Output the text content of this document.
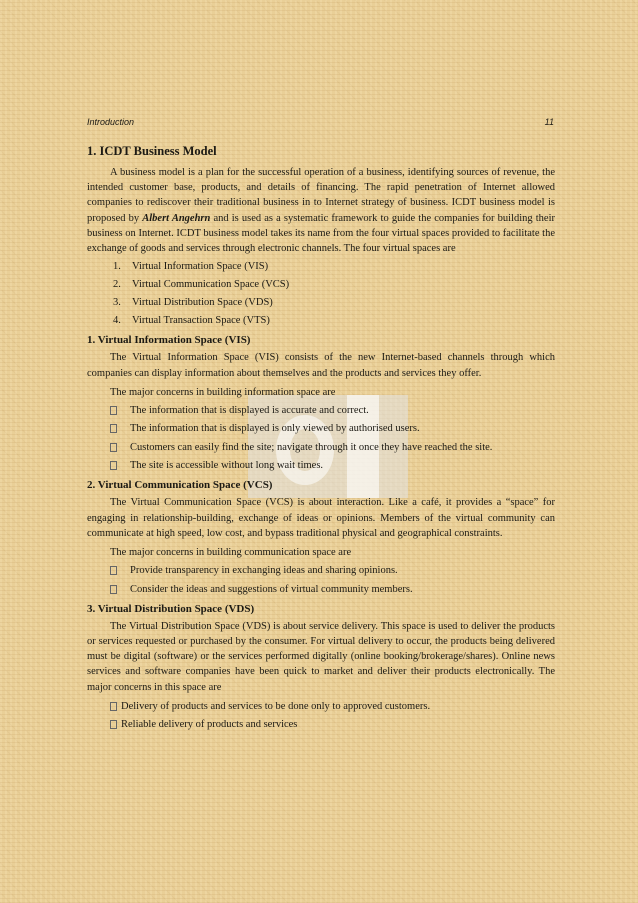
Introduction	11
1. ICDT Business Model

A business model is a plan for the successful operation of a business, identifying sources of revenue, the intended customer base, products, and details of financing. The rapid penetration of Internet allowed companies to rediscover their traditional business in to Internet strategy of business. ICDT business model is proposed by Albert Angehrn and is used as a systematic framework to guide the companies for building their business on Internet. ICDT business model takes its name from the four virtual spaces provided to facilitate the exchange of goods and services through electronic channels. The four virtual spaces are

1.	Virtual Information Space (VIS)
2.	Virtual Communication Space (VCS)
3.	Virtual Distribution Space (VDS)
4.	Virtual Transaction Space (VTS)
1. Virtual Information Space (VIS)

The Virtual Information Space (VIS) consists of the new Internet-based channels through which companies can display information about themselves and the products and services they offer.

The major concerns in building information space are
The information that is displayed is accurate and correct.
The information that is displayed is only viewed by authorised users.
Customers can easily find the site; navigate through it once they have reached the site.
The site is accessible without long wait times.
2. Virtual Communication Space (VCS)

The Virtual Communication Space (VCS) is about interaction. Like a café, it provides a “space” for engaging in relationship-building, exchange of ideas or opinions. Members of the virtual community can communicate at high speed, low cost, and bypass traditional physical and geographical constraints.

The major concerns in building communication space are
Provide transparency in exchanging ideas and sharing opinions.
Consider the ideas and suggestions of virtual community members.
3. Virtual Distribution Space (VDS)

The Virtual Distribution Space (VDS) is about service delivery. This space is used to deliver the products or services requested or purchased by the consumer. For virtual delivery to occur, the products being delivered must be digital (software) or the services performed digitally (online booking/brokerage/shares). Online news services and software companies have been quick to market and deliver their products electronically. The major concerns in this space are

Delivery of products and services to be done only to approved customers.
Reliable delivery of products and services
